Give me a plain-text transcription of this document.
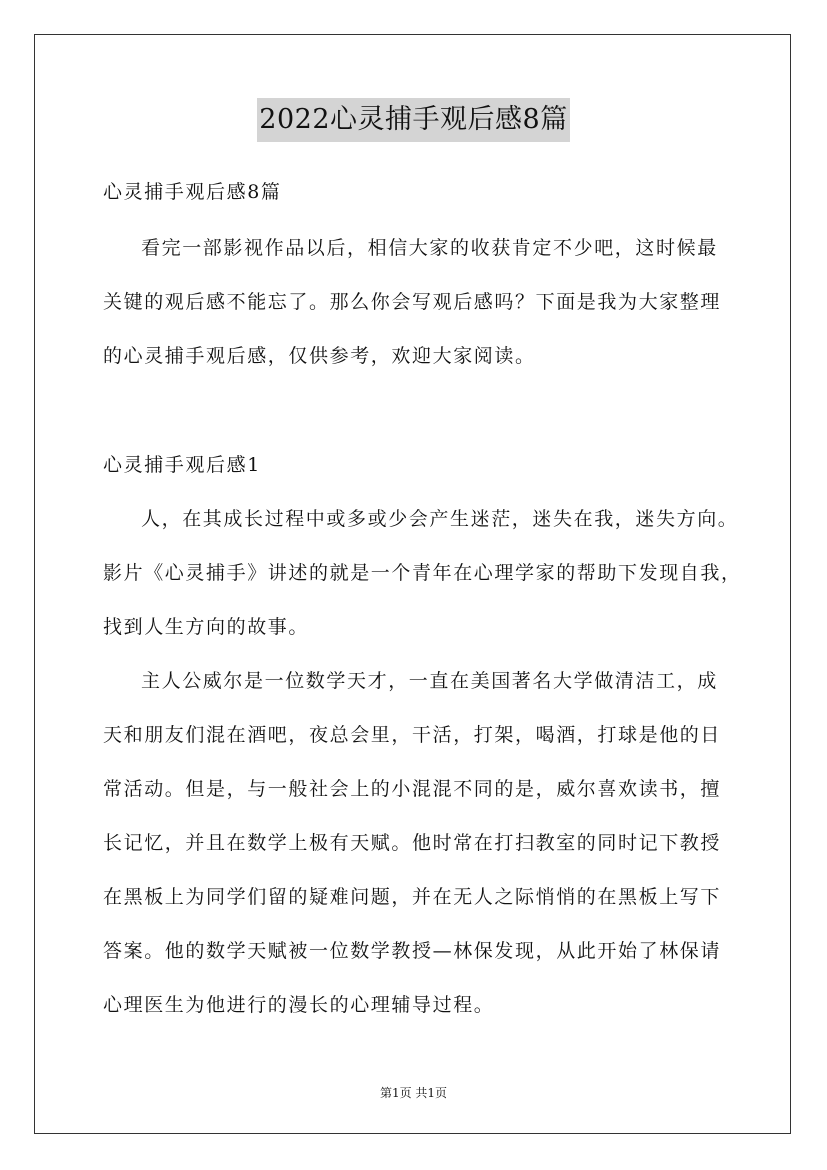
2022心灵捕手观后感8篇
心灵捕手观后感8篇
看完一部影视作品以后，相信大家的收获肯定不少吧，这时候最
关键的观后感不能忘了。那么你会写观后感吗？下面是我为大家整理
的心灵捕手观后感，仅供参考，欢迎大家阅读。
心灵捕手观后感1
人，在其成长过程中或多或少会产生迷茫，迷失在我，迷失方向。
影片《心灵捕手》讲述的就是一个青年在心理学家的帮助下发现自我，
找到人生方向的故事。
主人公威尔是一位数学天才，一直在美国著名大学做清洁工，成
天和朋友们混在酒吧，夜总会里，干活，打架，喝酒，打球是他的日
常活动。但是，与一般社会上的小混混不同的是，威尔喜欢读书，擅
长记忆，并且在数学上极有天赋。他时常在打扫教室的同时记下教授
在黑板上为同学们留的疑难问题，并在无人之际悄悄的在黑板上写下
答案。他的数学天赋被一位数学教授—林保发现，从此开始了林保请
心理医生为他进行的漫长的心理辅导过程。
第1页 共1页
